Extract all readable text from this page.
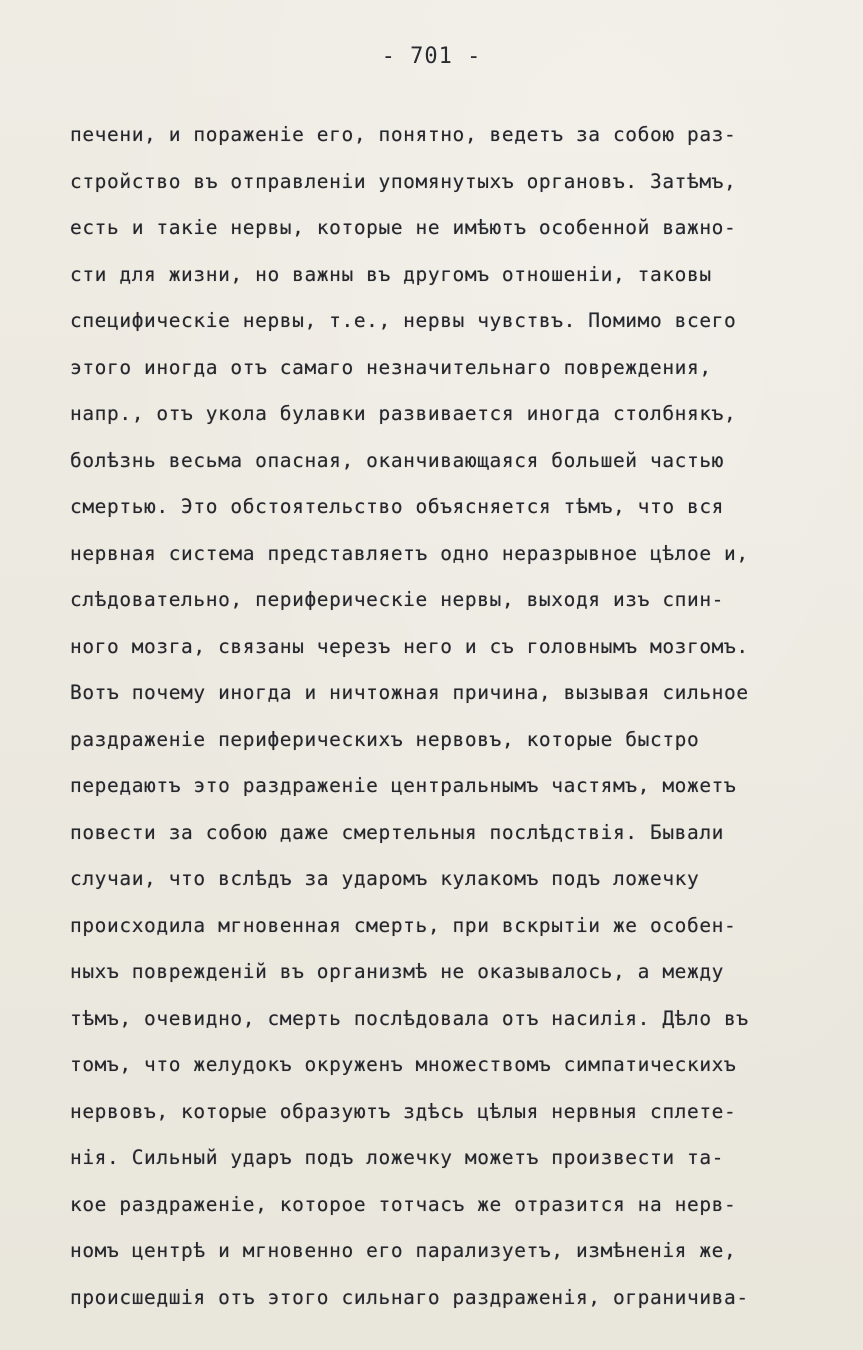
- 701 -
печени, и пораженiе его, понятно, ведетъ за собою раз-
стройство въ отправленiи упомянутыхъ органовъ. Затѣмъ,
есть и такiе нервы, которые не имѣютъ особенной важно-
сти для жизни, но важны въ другомъ отношенiи, таковы
специфическiе нервы, т.е., нервы чувствъ. Помимо всего
этого иногда отъ самаго незначительнаго повреждения,
напр., отъ укола булавки развивается иногда столбнякъ,
болѣзнь весьма опасная, оканчивающаяся большей частью
смертью. Это обстоятельство объясняется тѣмъ, что вся
нервная система представляетъ одно неразрывное цѣлое и,
слѣдовательно, периферическiе нервы, выходя изъ спин-
ного мозга, связаны черезъ него и съ головнымъ мозгомъ.
Вотъ почему иногда и ничтожная причина, вызывая сильное
раздраженiе периферическихъ нервовъ, которые быстро
передаютъ это раздраженiе центральнымъ частямъ, можетъ
повести за собою даже смертельныя послѣдствiя. Бывали
случаи, что вслѣдъ за ударомъ кулакомъ подъ ложечку
происходила мгновенная смерть, при вскрытiи же особен-
ныхъ поврежденiй въ организмѣ не оказывалось, а между
тѣмъ, очевидно, смерть послѣдовала отъ насилiя. Дѣло въ
томъ, что желудокъ окруженъ множествомъ симпатическихъ
нервовъ, которые образуютъ здѣсь цѣлыя нервныя сплете-
нiя. Сильный ударъ подъ ложечку можетъ произвести та-
кое раздраженiе, которое тотчасъ же отразится на нерв-
номъ центрѣ и мгновенно его парализуетъ, измѣненiя же,
происшедшiя отъ этого сильнаго раздраженiя, ограничива-
